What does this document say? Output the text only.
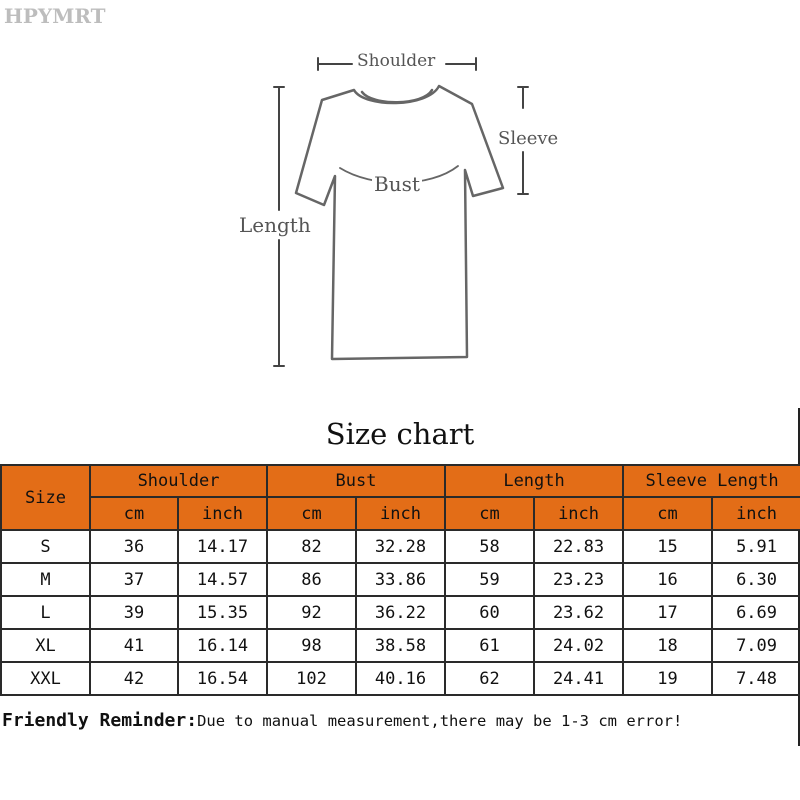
HPYMRT
Shoulder
Sleeve
Bust
Length
Size chart
Size	Shoulder		Bust		Length		Sleeve Length	
	cm	inch	cm	inch	cm	inch	cm	inch
S	36	14.17	82	32.28	58	22.83	15	5.91
M	37	14.57	86	33.86	59	23.23	16	6.30
L	39	15.35	92	36.22	60	23.62	17	6.69
XL	41	16.14	98	38.58	61	24.02	18	7.09
XXL	42	16.54	102	40.16	62	24.41	19	7.48
Friendly Reminder:Due to manual measurement,there may be 1-3 cm error!
